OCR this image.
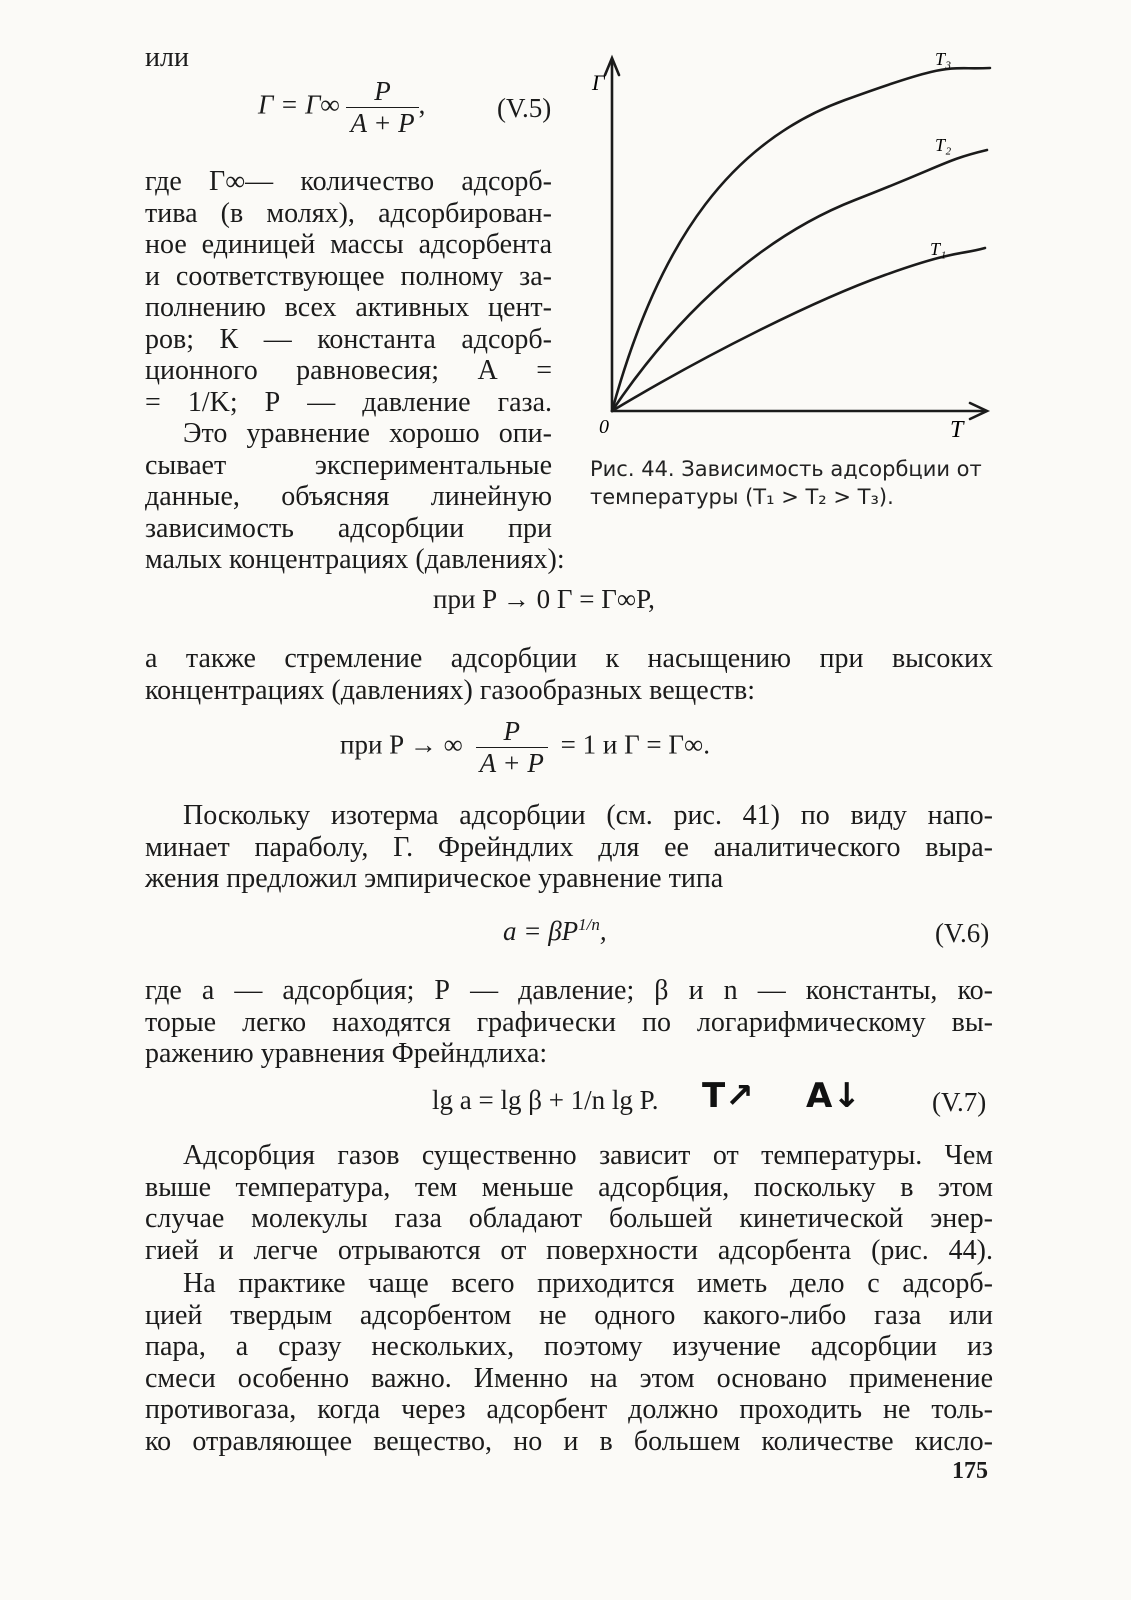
или
$Г = Г\infty \frac{P}{A + P}$ ,	(V.5)
где Г∞— количество адсорб-
тива (в молях), адсорбирован-
ное единицей массы адсорбента
и соответствующее полному за-
полнению всех активных цент-
ров; К — константа адсорб-
ционного равновесия; А =
= 1/K; Р — давление газа.
Это уравнение хорошо опи-
сывает экспериментальные
данные, объясняя линейную
зависимость адсорбции при
малых концентрациях (давлениях):
Г
T
0
T₃
T₂
T₁
Рис. 44. Зависимость адсорбции от
температуры (T₁ > T₂ > T₃).
при P → 0 Г = Г∞P,
а также стремление адсорбции к насыщению при высоких
концентрациях (давлениях) газообразных веществ:
при P → ∞ $\frac{P}{A + P} = 1$ и Г = Г∞.
Поскольку изотерма адсорбции (см. рис. 41) по виду напо-
минает параболу, Г. Фрейндлих для ее аналитического выра-
жения предложил эмпирическое уравнение типа
$a = \beta P^{1/n}$,	(V.6)
где а — адсорбция; Р — давление; β и n — константы, ко-
торые легко находятся графически по логарифмическому вы-
ражению уравнения Фрейндлиха:
lg a = lg β + 1/n lg P. T↗ A↓	(V.7)
Адсорбция газов существенно зависит от температуры. Чем
выше температура, тем меньше адсорбция, поскольку в этом
случае молекулы газа обладают большей кинетической энер-
гией и легче отрываются от поверхности адсорбента (рис. 44).
На практике чаще всего приходится иметь дело с адсорб-
цией твердым адсорбентом не одного какого-либо газа или
пара, а сразу нескольких, поэтому изучение адсорбции из
смеси особенно важно. Именно на этом основано применение
противогаза, когда через адсорбент должно проходить не толь-
ко отравляющее вещество, но и в большем количестве кисло-
175
